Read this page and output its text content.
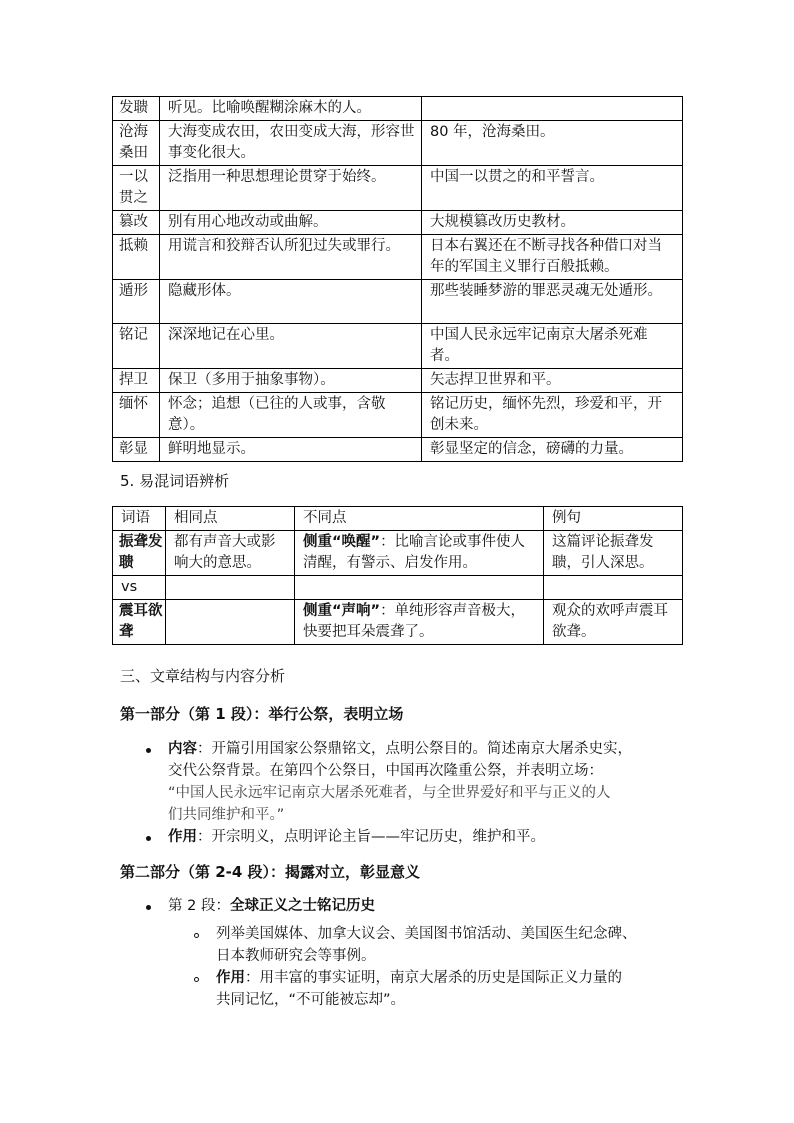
发聩	听见。比喻唤醒糊涂麻木的人。	
沧海桑田	大海变成农田，农田变成大海，形容世事变化很大。	80 年，沧海桑田。
一以贯之	泛指用一种思想理论贯穿于始终。	中国一以贯之的和平誓言。
篡改	别有用心地改动或曲解。	大规模篡改历史教材。
抵赖	用谎言和狡辩否认所犯过失或罪行。	日本右翼还在不断寻找各种借口对当年的军国主义罪行百般抵赖。
遁形	隐藏形体。	那些装睡梦游的罪恶灵魂无处遁形。
铭记	深深地记在心里。	中国人民永远牢记南京大屠杀死难者。
捍卫	保卫（多用于抽象事物）。	矢志捍卫世界和平。
缅怀	怀念；追想（已往的人或事，含敬意）。	铭记历史，缅怀先烈，珍爱和平，开创未来。
彰显	鲜明地显示。	彰显坚定的信念，磅礴的力量。
5. 易混词语辨析
词语	相同点	不同点	例句
振聋发聩	都有声音大或影响大的意思。	侧重“唤醒”：比喻言论或事件使人清醒，有警示、启发作用。	这篇评论振聋发聩，引人深思。
vs			
震耳欲聋		侧重“声响”：单纯形容声音极大，快要把耳朵震聋了。	观众的欢呼声震耳欲聋。
三、文章结构与内容分析
第一部分（第 1 段）：举行公祭，表明立场
内容：开篇引用国家公祭鼎铭文，点明公祭目的。简述南京大屠杀史实，
交代公祭背景。在第四个公祭日，中国再次隆重公祭，并表明立场：
“中国人民永远牢记南京大屠杀死难者，与全世界爱好和平与正义的人
们共同维护和平。”
作用：开宗明义，点明评论主旨——牢记历史，维护和平。
第二部分（第 2-4 段）：揭露对立，彰显意义
第 2 段：全球正义之士铭记历史
列举美国媒体、加拿大议会、美国图书馆活动、美国医生纪念碑、
日本教师研究会等事例。
作用：用丰富的事实证明，南京大屠杀的历史是国际正义力量的
共同记忆，“不可能被忘却”。
